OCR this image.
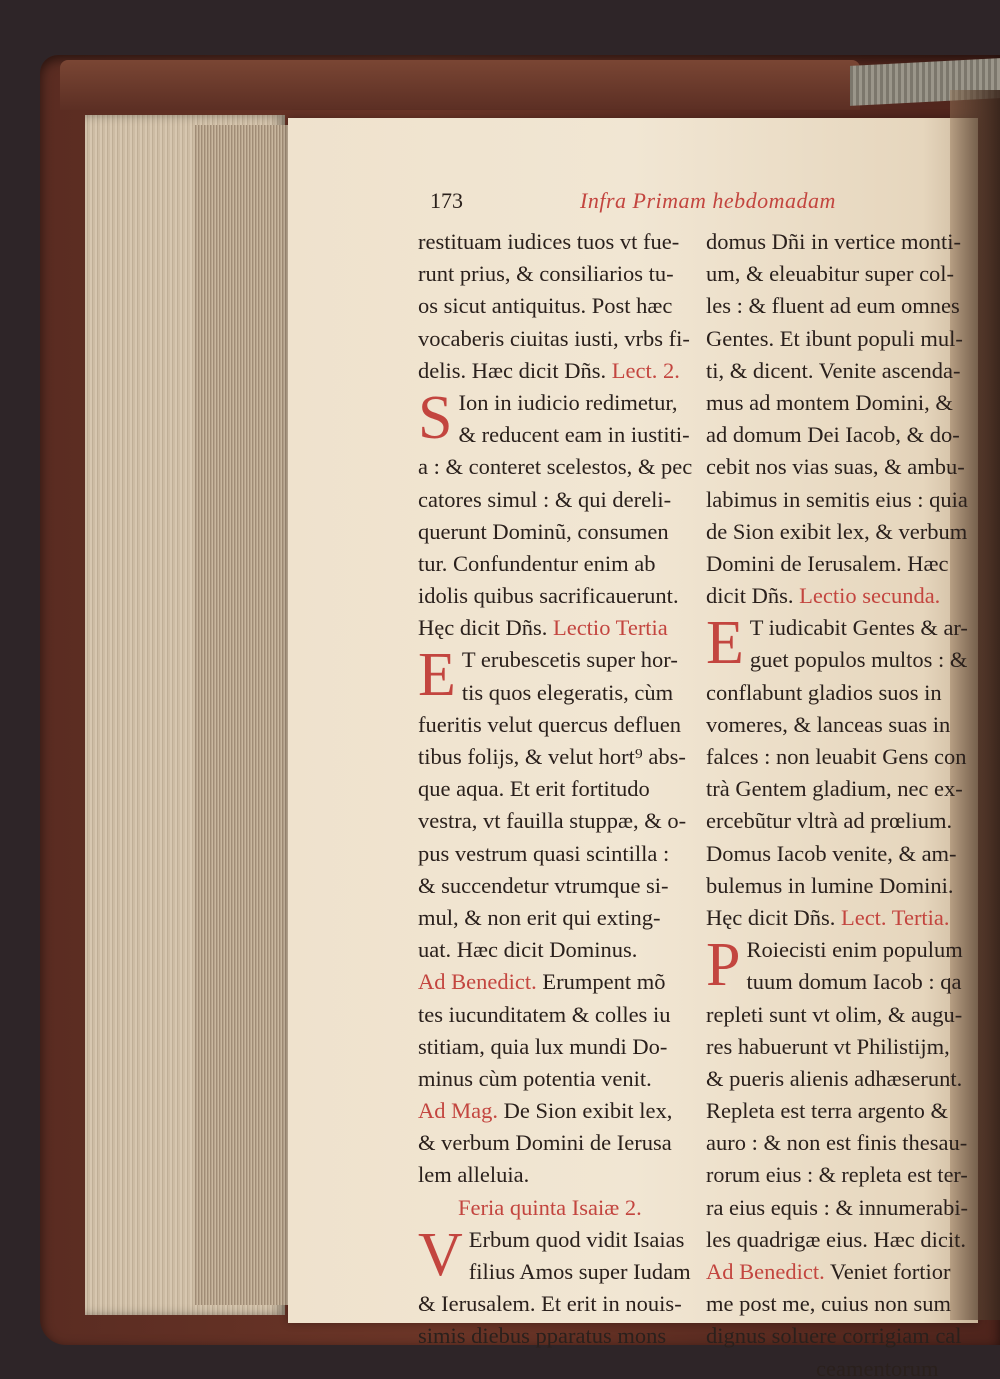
173	Infra Primam hebdomadam
restituam iudices tuos vt fue-
runt prius, & consiliarios tu-
os sicut antiquitus. Post hæc
vocaberis ciuitas iusti, vrbs fi-
delis. Hæc dicit Dñs. Lect. 2.
S Ion in iudicio redimetur,
& reducent eam in iustiti-
a : & conteret scelestos, & pec
catores simul : & qui dereli-
querunt Dominũ, consumen
tur. Confundentur enim ab
idolis quibus sacrificauerunt.
Hęc dicit Dñs. Lectio Tertia
E T erubescetis super hor-
tis quos elegeratis, cùm
fueritis velut quercus defluen
tibus folijs, & velut hort⁹ abs-
que aqua. Et erit fortitudo
vestra, vt fauilla stuppæ, & o-
pus vestrum quasi scintilla :
& succendetur vtrumque si-
mul, & non erit qui exting-
uat. Hæc dicit Dominus.
Ad Benedict. Erumpent mõ
tes iucunditatem & colles iu
stitiam, quia lux mundi Do-
minus cùm potentia venit.
Ad Mag. De Sion exibit lex,
& verbum Domini de Ierusa
lem alleluia.
Feria quinta Isaiæ 2.
V Erbum quod vidit Isaias
filius Amos super Iudam
& Ierusalem. Et erit in nouis-
simis diebus pparatus mons
domus Dñi in vertice monti-
um, & eleuabitur super col-
les : & fluent ad eum omnes
Gentes. Et ibunt populi mul-
ti, & dicent. Venite ascenda-
mus ad montem Domini, &
ad domum Dei Iacob, & do-
cebit nos vias suas, & ambu-
labimus in semitis eius : quia
de Sion exibit lex, & verbum
Domini de Ierusalem. Hæc
dicit Dñs. Lectio secunda.
E T iudicabit Gentes & ar-
guet populos multos : &
conflabunt gladios suos in
vomeres, & lanceas suas in
falces : non leuabit Gens con
trà Gentem gladium, nec ex-
ercebũtur vltrà ad prœlium.
Domus Iacob venite, & am-
bulemus in lumine Domini.
Hęc dicit Dñs. Lect. Tertia.
P Roiecisti enim populum
tuum domum Iacob : qa
repleti sunt vt olim, & augu-
res habuerunt vt Philistijm,
& pueris alienis adhæserunt.
Repleta est terra argento &
auro : & non est finis thesau-
rorum eius : & repleta est ter-
ra eius equis : & innumerabi-
les quadrigæ eius. Hæc dicit.
Ad Benedict. Veniet fortior
me post me, cuius non sum
dignus soluere corrigiam cal
ceamentorum
